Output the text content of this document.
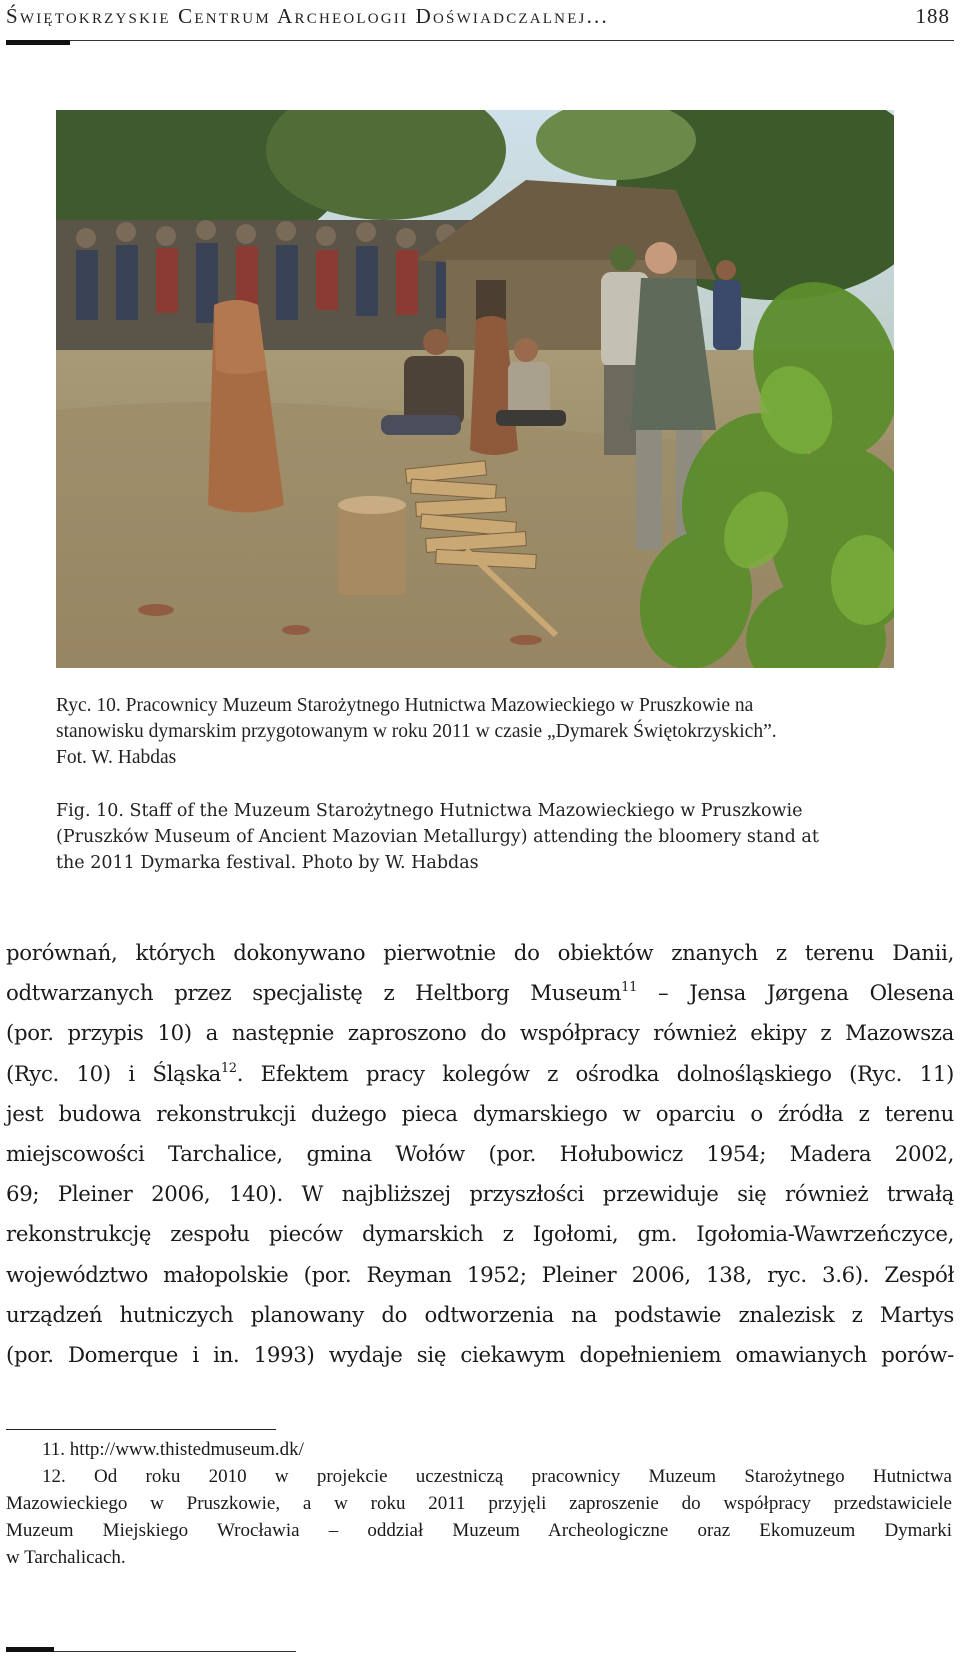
Świętokrzyskie Centrum Archeologii Doświadczalnej...	188
Ryc. 10. Pracownicy Muzeum Starożytnego Hutnictwa Mazowieckiego w Pruszkowie na
stanowisku dymarskim przygotowanym w roku 2011 w czasie „Dymarek Świętokrzyskich”.
Fot. W. Habdas
Fig. 10. Staff of the Muzeum Starożytnego Hutnictwa Mazowieckiego w Pruszkowie
(Pruszków Museum of Ancient Mazovian Metallurgy) attending the bloomery stand at
the 2011 Dymarka festival. Photo by W. Habdas
porównań, których dokonywano pierwotnie do obiektów znanych z terenu Danii,
odtwarzanych przez specjalistę z Heltborg Museum$^{11}$ – Jensa Jørgena Olesena
(por. przypis 10) a następnie zaproszono do współpracy również ekipy z Mazowsza
(Ryc. 10) i Śląska$^{12}$. Efektem pracy kolegów z ośrodka dolnośląskiego (Ryc. 11)
jest budowa rekonstrukcji dużego pieca dymarskiego w oparciu o źródła z terenu
miejscowości Tarchalice, gmina Wołów (por. Hołubowicz 1954; Madera 2002,
69; Pleiner 2006, 140). W najbliższej przyszłości przewiduje się również trwałą
rekonstrukcję zespołu pieców dymarskich z Igołomi, gm. Igołomia-Wawrzeńczyce,
województwo małopolskie (por. Reyman 1952; Pleiner 2006, 138, ryc. 3.6). Zespół
urządzeń hutniczych planowany do odtworzenia na podstawie znalezisk z Martys
(por. Domerque i in. 1993) wydaje się ciekawym dopełnieniem omawianych porów-
11. http://www.thistedmuseum.dk/
12. Od roku 2010 w projekcie uczestniczą pracownicy Muzeum Starożytnego Hutnictwa
Mazowieckiego w Pruszkowie, a w roku 2011 przyjęli zaproszenie do współpracy przedstawiciele
Muzeum Miejskiego Wrocławia – oddział Muzeum Archeologiczne oraz Ekomuzeum Dymarki
w Tarchalicach.
